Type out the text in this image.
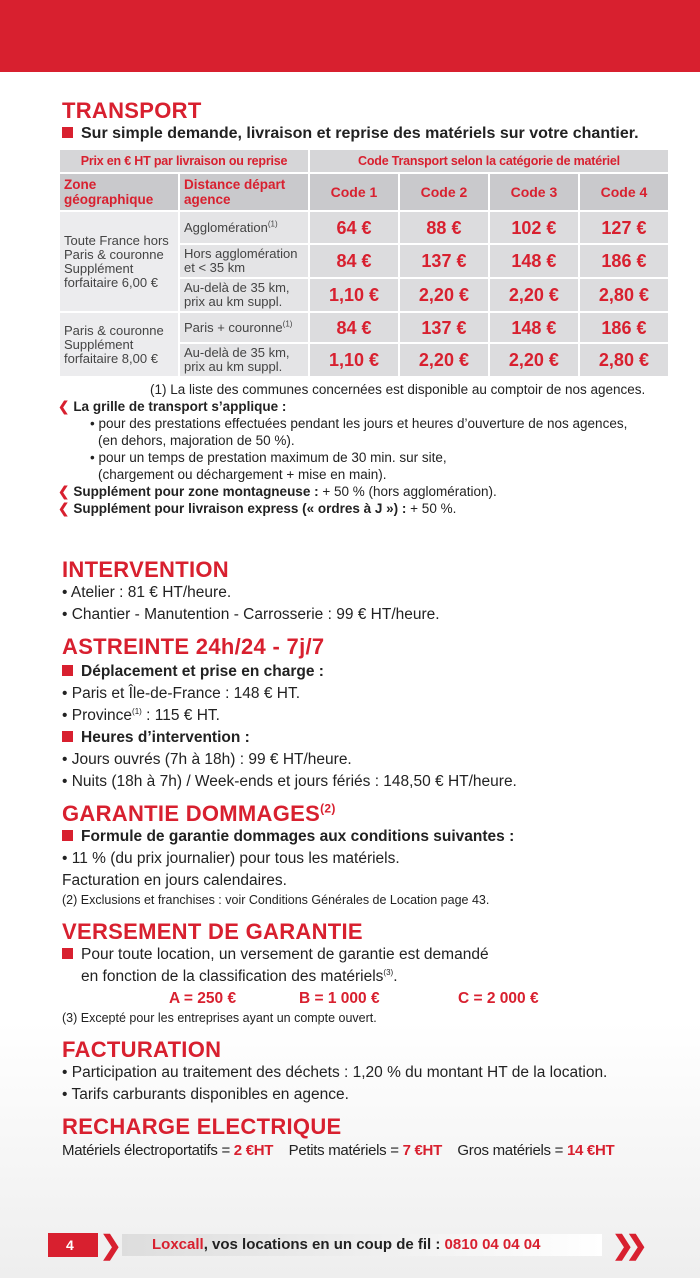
TRANSPORT
Sur simple demande, livraison et reprise des matériels sur votre chantier.
Prix en € HT par livraison ou reprise		Code Transport selon la catégorie de matériel			
Zone géographique	Distance départ agence	Code 1	Code 2	Code 3	Code 4
Toute France hors Paris & couronne Supplément forfaitaire 6,00 €	Agglomération$^{(1)}$	64 €	88 €	102 €	127 €
	Hors agglomération et < 35 km	84 €	137 €	148 €	186 €
	Au-delà de 35 km, prix au km suppl.	1,10 €	2,20 €	2,20 €	2,80 €
Paris & couronne Supplément forfaitaire 8,00 €	Paris + couronne$^{(1)}$	84 €	137 €	148 €	186 €
	Au-delà de 35 km, prix au km suppl.	1,10 €	2,20 €	2,20 €	2,80 €
(1) La liste des communes concernées est disponible au comptoir de nos agences.
❮ La grille de transport s’applique :
• pour des prestations effectuées pendant les jours et heures d’ouverture de nos agences,
(en dehors, majoration de 50 %).
• pour un temps de prestation maximum de 30 min. sur site,
(chargement ou déchargement + mise en main).
❮ Supplément pour zone montagneuse : + 50 % (hors agglomération).
❮ Supplément pour livraison express (« ordres à J ») : + 50 %.
INTERVENTION
• Atelier : 81 € HT/heure.
• Chantier - Manutention - Carrosserie : 99 € HT/heure.
ASTREINTE 24h/24 - 7j/7
Déplacement et prise en charge :
• Paris et Île-de-France : 148 € HT.
• Province$^{(1)}$ : 115 € HT.
Heures d’intervention :
• Jours ouvrés (7h à 18h) : 99 € HT/heure.
• Nuits (18h à 7h) / Week-ends et jours fériés : 148,50 € HT/heure.
GARANTIE DOMMAGES$^{(2)}$
Formule de garantie dommages aux conditions suivantes :
• 11 % (du prix journalier) pour tous les matériels.
Facturation en jours calendaires.
(2) Exclusions et franchises : voir Conditions Générales de Location page 43.
VERSEMENT DE GARANTIE
Pour toute location, un versement de garantie est demandé
en fonction de la classification des matériels$^{(3)}$.
A = 250 €	B = 1 000 €	C = 2 000 €
(3) Excepté pour les entreprises ayant un compte ouvert.
FACTURATION
• Participation au traitement des déchets : 1,20 % du montant HT de la location.
• Tarifs carburants disponibles en agence.
RECHARGE ELECTRIQUE
Matériels électroportatifs = 2 €HT Petits matériels = 7 €HT Gros matériels = 14 €HT
4	❯	Loxcall, vos locations en un coup de fil : 0810 04 04 04	❯❯
